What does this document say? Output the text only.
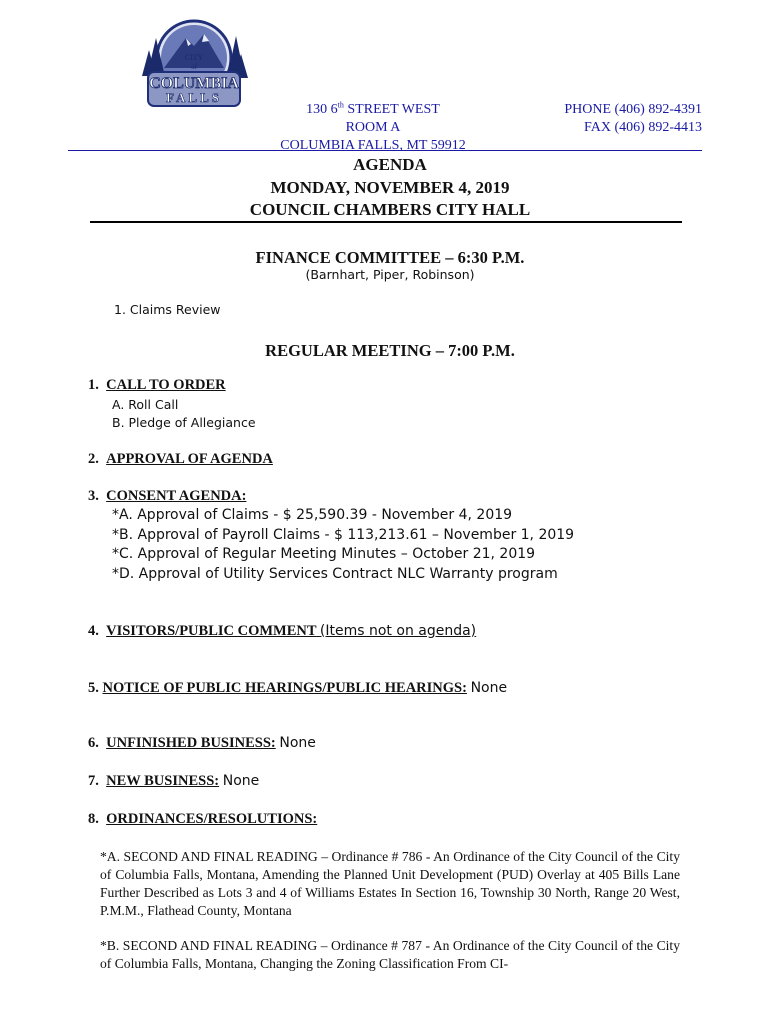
CITY
of
COLUMBIA
FALLS
130 6th STREET WEST
ROOM A
COLUMBIA FALLS, MT 59912
PHONE (406) 892-4391
FAX (406) 892-4413
AGENDA
MONDAY, NOVEMBER 4, 2019
COUNCIL CHAMBERS CITY HALL
FINANCE COMMITTEE – 6:30 P.M.
(Barnhart, Piper, Robinson)
1. Claims Review
REGULAR MEETING – 7:00 P.M.
1. CALL TO ORDER
A. Roll Call
B. Pledge of Allegiance
2. APPROVAL OF AGENDA
3. CONSENT AGENDA:
*A. Approval of Claims - $ 25,590.39 - November 4, 2019
*B. Approval of Payroll Claims - $ 113,213.61 – November 1, 2019
*C. Approval of Regular Meeting Minutes – October 21, 2019
*D. Approval of Utility Services Contract NLC Warranty program
4. VISITORS/PUBLIC COMMENT (Items not on agenda)
5. NOTICE OF PUBLIC HEARINGS/PUBLIC HEARINGS: None
6. UNFINISHED BUSINESS: None
7. NEW BUSINESS: None
8. ORDINANCES/RESOLUTIONS:
*A. SECOND AND FINAL READING – Ordinance # 786 - An Ordinance of the City Council of the City of Columbia Falls, Montana, Amending the Planned Unit Development (PUD) Overlay at 405 Bills Lane Further Described as Lots 3 and 4 of Williams Estates In Section 16, Township 30 North, Range 20 West, P.M.M., Flathead County, Montana
*B. SECOND AND FINAL READING – Ordinance # 787 - An Ordinance of the City Council of the City of Columbia Falls, Montana, Changing the Zoning Classification From CI-
